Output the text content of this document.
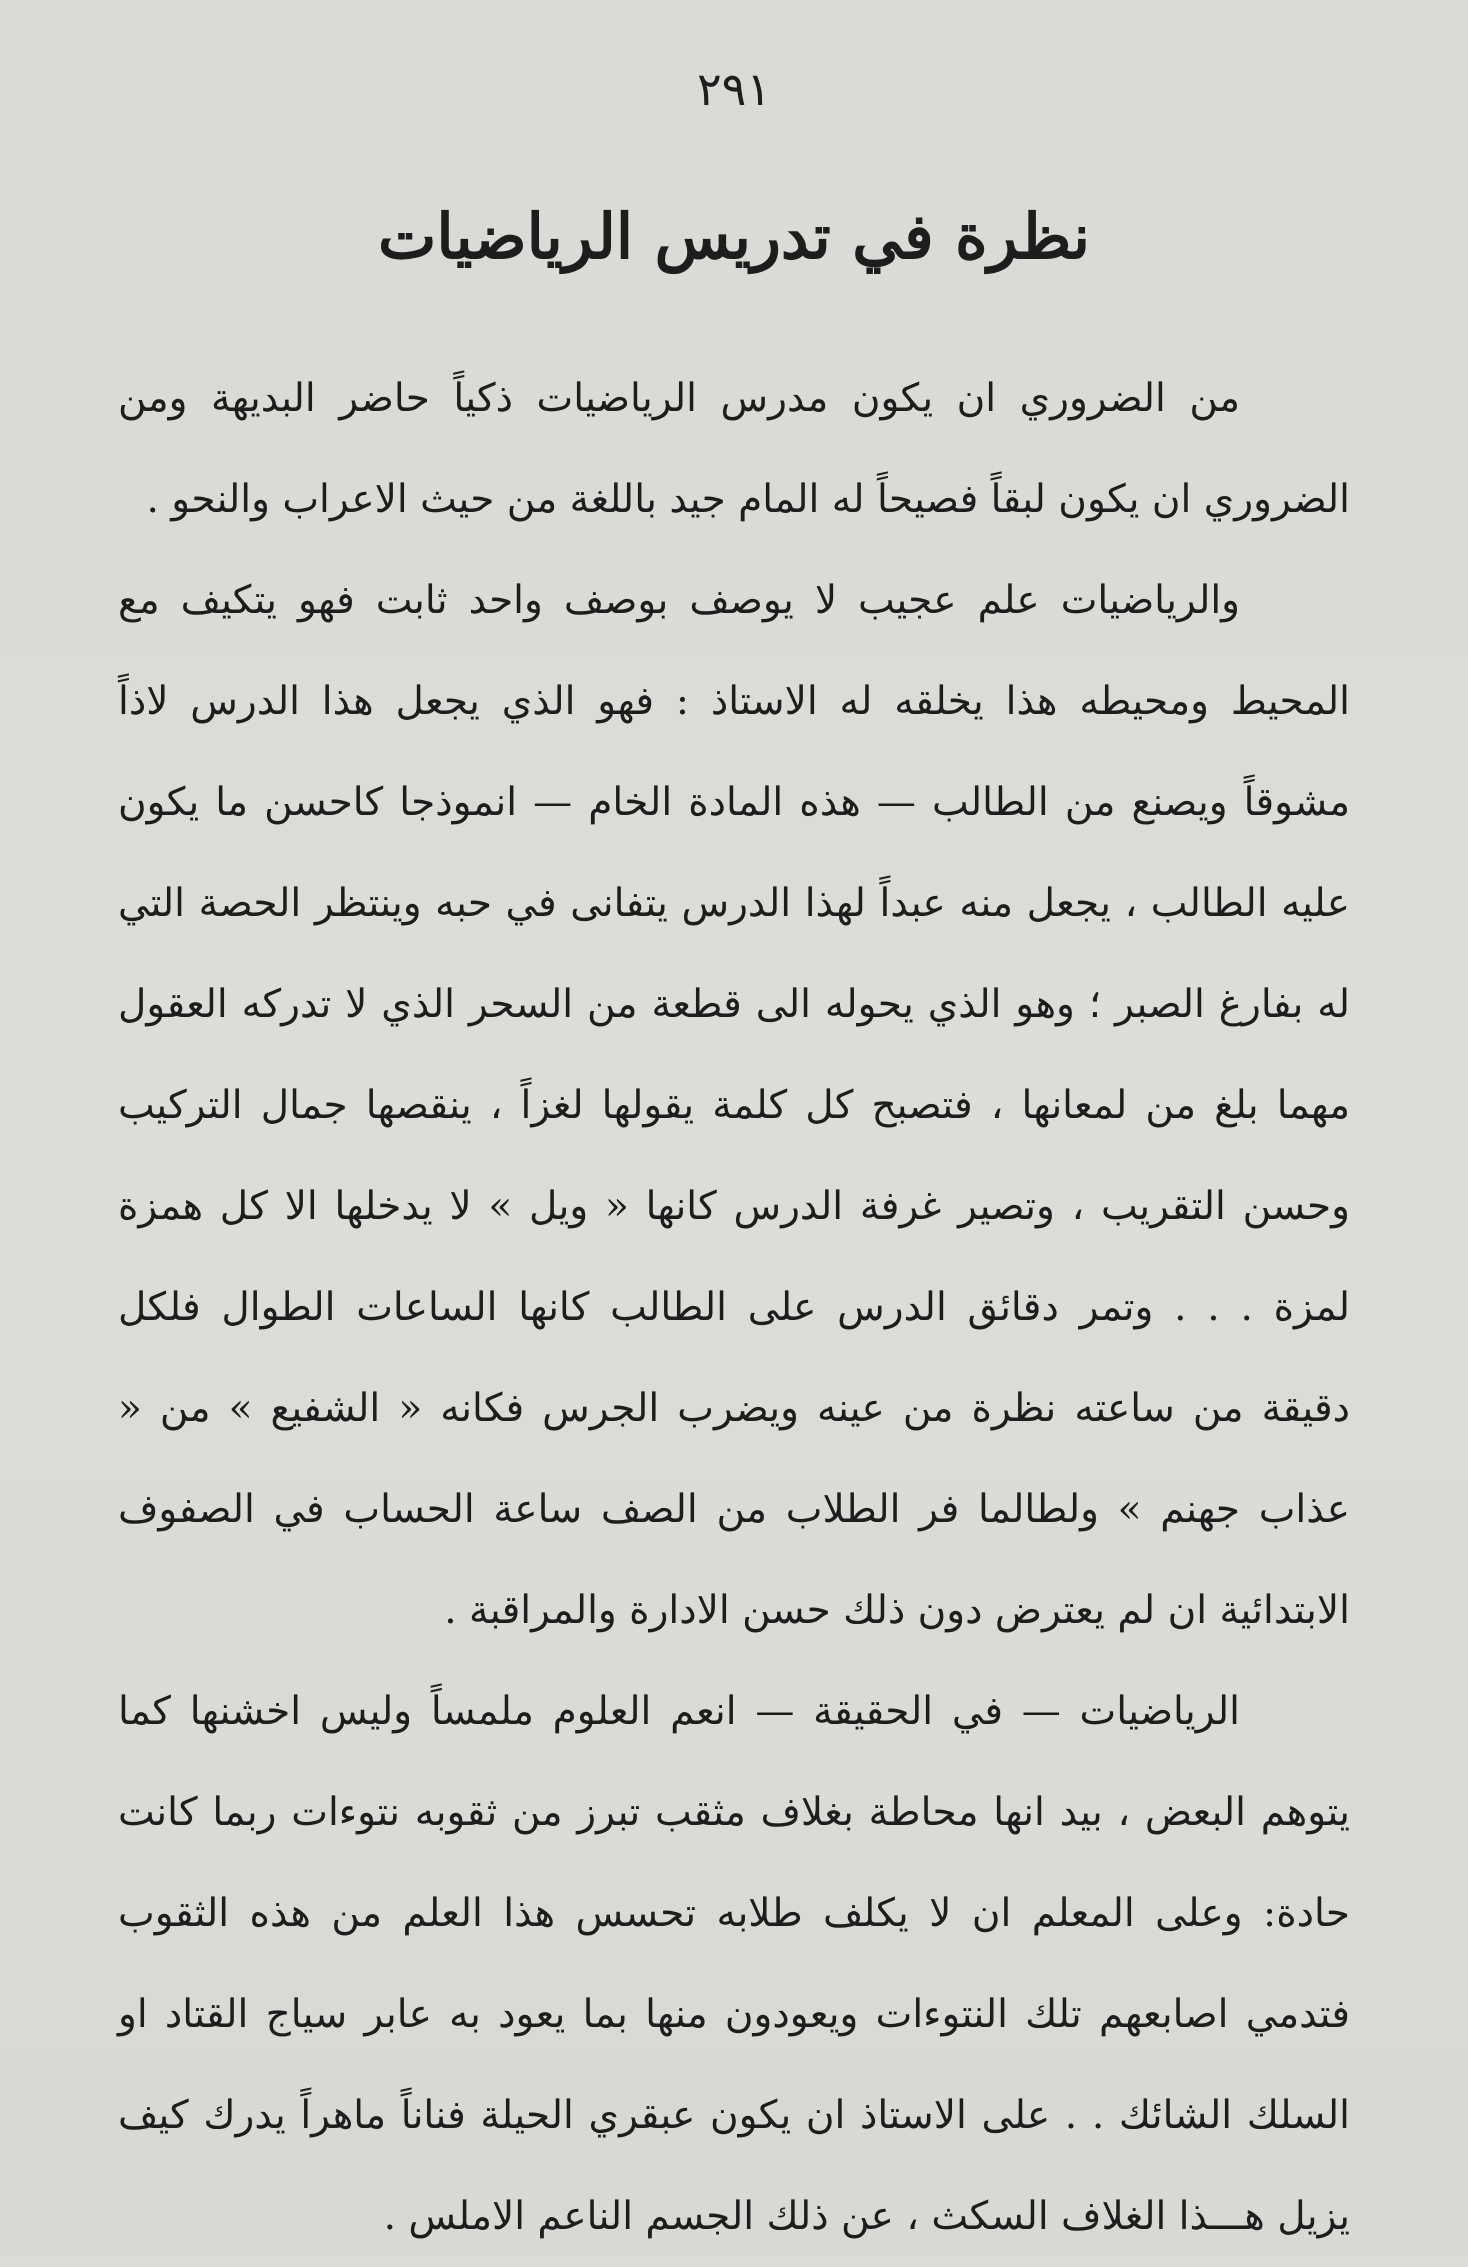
٢٩١
نظرة في تدريس الرياضيات

من الضروري ان يكون مدرس الرياضيات ذكياً حاضر البديهة ومن الضروري ان يكون لبقاً فصيحاً له المام جيد باللغة من حيث الاعراب والنحو .

والرياضيات علم عجيب لا يوصف بوصف واحد ثابت فهو يتكيف مع المحيط ومحيطه هذا يخلقه له الاستاذ : فهو الذي يجعل هذا الدرس لاذاً مشوقاً ويصنع من الطالب — هذه المادة الخام — انموذجا كاحسن ما يكون عليه الطالب ، يجعل منه عبداً لهذا الدرس يتفانى في حبه وينتظر الحصة التي له بفارغ الصبر ؛ وهو الذي يحوله الى قطعة من السحر الذي لا تدركه العقول مهما بلغ من لمعانها ، فتصبح كل كلمة يقولها لغزاً ، ينقصها جمال التركيب وحسن التقريب ، وتصير غرفة الدرس كانها « ويل » لا يدخلها الا كل همزة لمزة . . . وتمر دقائق الدرس على الطالب كانها الساعات الطوال فلكل دقيقة من ساعته نظرة من عينه ويضرب الجرس فكانه « الشفيع » من « عذاب جهنم » ولطالما فر الطلاب من الصف ساعة الحساب في الصفوف الابتدائية ان لم يعترض دون ذلك حسن الادارة والمراقبة .

الرياضيات — في الحقيقة — انعم العلوم ملمساً وليس اخشنها كما يتوهم البعض ، بيد انها محاطة بغلاف مثقب تبرز من ثقوبه نتوءات ربما كانت حادة: وعلى المعلم ان لا يكلف طلابه تحسس هذا العلم من هذه الثقوب فتدمي اصابعهم تلك النتوءات ويعودون منها بما يعود به عابر سياج القتاد او السلك الشائك . . على الاستاذ ان يكون عبقري الحيلة فناناً ماهراً يدرك كيف يزيل هـــذا الغلاف السكث ، عن ذلك الجسم الناعم الاملس .
